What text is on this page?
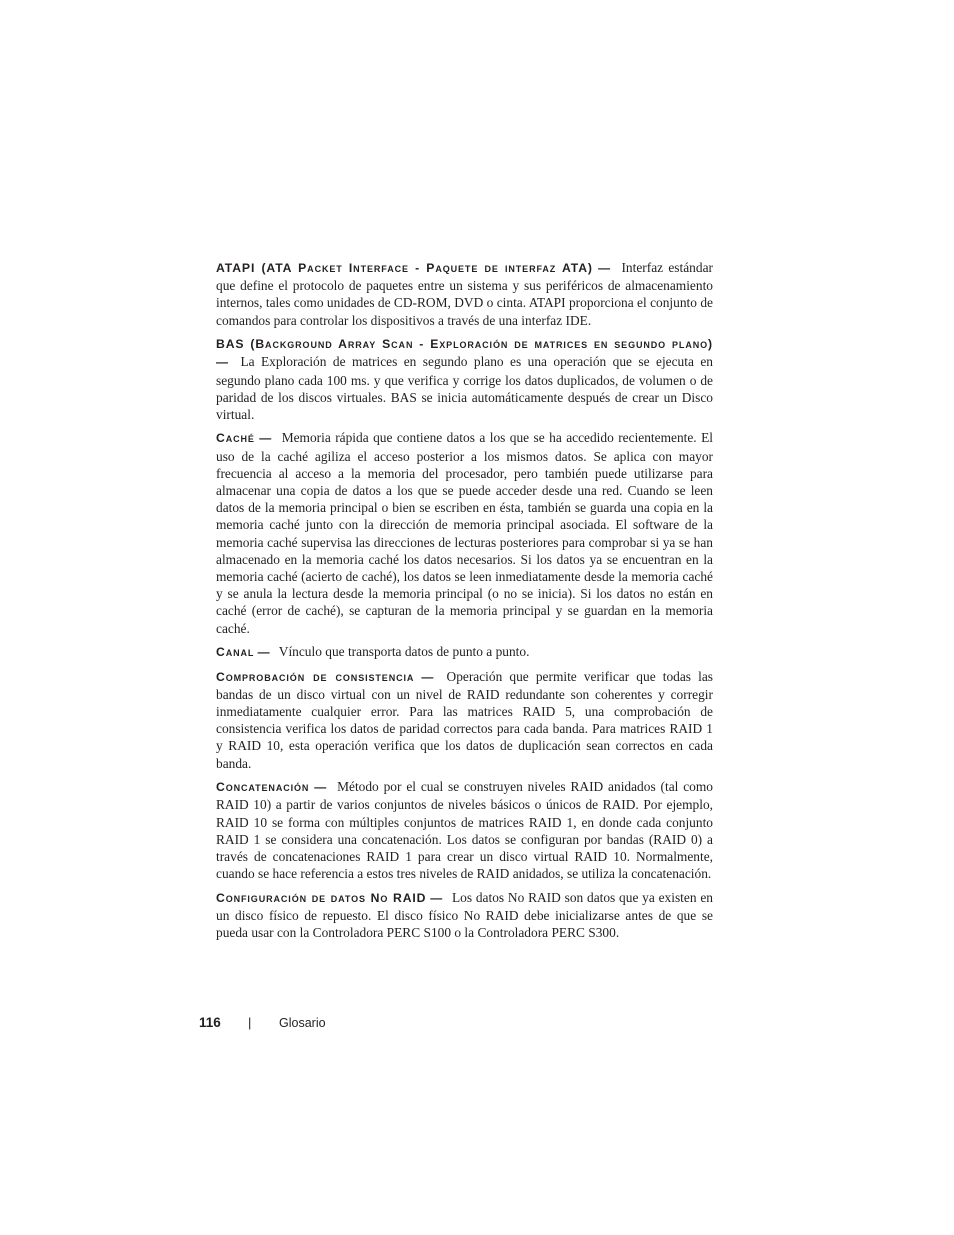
ATAPI (ATA Packet Interface - Paquete de interfaz ATA) — Interfaz estándar que define el protocolo de paquetes entre un sistema y sus periféricos de almacenamiento internos, tales como unidades de CD-ROM, DVD o cinta. ATAPI proporciona el conjunto de comandos para controlar los dispositivos a través de una interfaz IDE.

BAS (Background Array Scan - Exploración de matrices en segundo plano) — La Exploración de matrices en segundo plano es una operación que se ejecuta en segundo plano cada 100 ms. y que verifica y corrige los datos duplicados, de volumen o de paridad de los discos virtuales. BAS se inicia automáticamente después de crear un Disco virtual.

Caché — Memoria rápida que contiene datos a los que se ha accedido recientemente. El uso de la caché agiliza el acceso posterior a los mismos datos. Se aplica con mayor frecuencia al acceso a la memoria del procesador, pero también puede utilizarse para almacenar una copia de datos a los que se puede acceder desde una red. Cuando se leen datos de la memoria principal o bien se escriben en ésta, también se guarda una copia en la memoria caché junto con la dirección de memoria principal asociada. El software de la memoria caché supervisa las direcciones de lecturas posteriores para comprobar si ya se han almacenado en la memoria caché los datos necesarios. Si los datos ya se encuentran en la memoria caché (acierto de caché), los datos se leen inmediatamente desde la memoria caché y se anula la lectura desde la memoria principal (o no se inicia). Si los datos no están en caché (error de caché), se capturan de la memoria principal y se guardan en la memoria caché.

Canal — Vínculo que transporta datos de punto a punto.

Comprobación de consistencia — Operación que permite verificar que todas las bandas de un disco virtual con un nivel de RAID redundante son coherentes y corregir inmediatamente cualquier error. Para las matrices RAID 5, una comprobación de consistencia verifica los datos de paridad correctos para cada banda. Para matrices RAID 1 y RAID 10, esta operación verifica que los datos de duplicación sean correctos en cada banda.

Concatenación — Método por el cual se construyen niveles RAID anidados (tal como RAID 10) a partir de varios conjuntos de niveles básicos o únicos de RAID. Por ejemplo, RAID 10 se forma con múltiples conjuntos de matrices RAID 1, en donde cada conjunto RAID 1 se considera una concatenación. Los datos se configuran por bandas (RAID 0) a través de concatenaciones RAID 1 para crear un disco virtual RAID 10. Normalmente, cuando se hace referencia a estos tres niveles de RAID anidados, se utiliza la concatenación.

Configuración de datos No RAID — Los datos No RAID son datos que ya existen en un disco físico de repuesto. El disco físico No RAID debe inicializarse antes de que se pueda usar con la Controladora PERC S100 o la Controladora PERC S300.

116 | Glosario
